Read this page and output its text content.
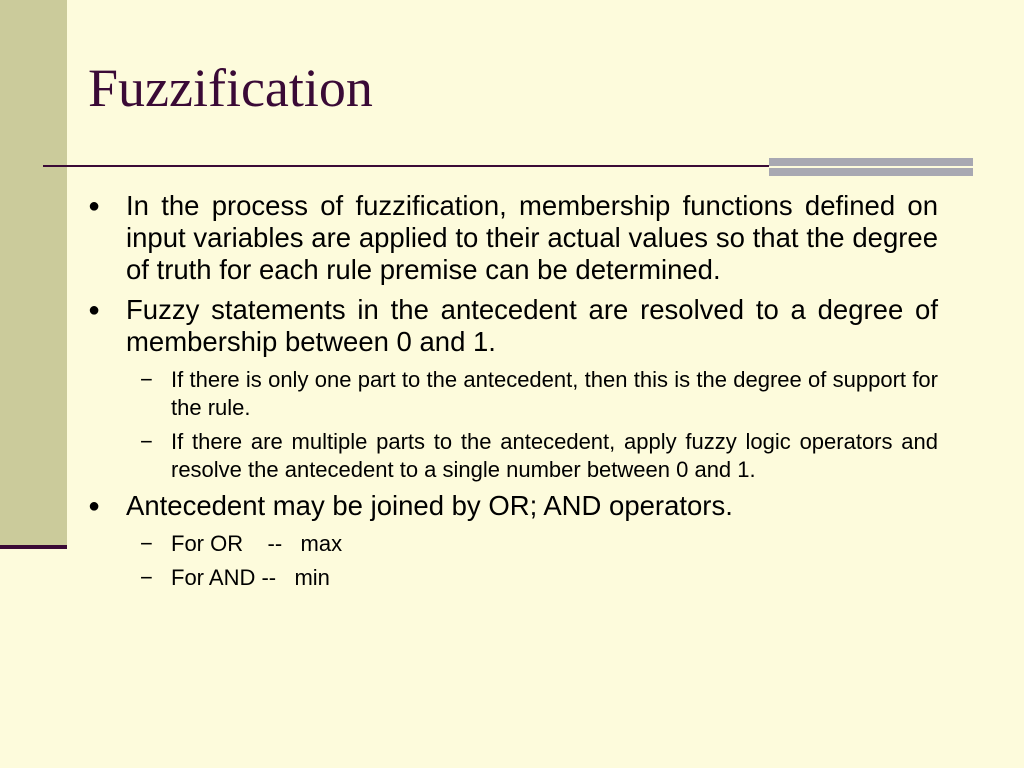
Fuzzification

● In the process of fuzzification, membership functions defined on input variables are applied to their actual values so that the degree of truth for each rule premise can be determined.

● Fuzzy statements in the antecedent are resolved to a degree of membership between 0 and 1.

− If there is only one part to the antecedent, then this is the degree of support for the rule.

− If there are multiple parts to the antecedent, apply fuzzy logic operators and resolve the antecedent to a single number between 0 and 1.

● Antecedent may be joined by OR; AND operators.

− For OR    --   max

− For AND --   min
